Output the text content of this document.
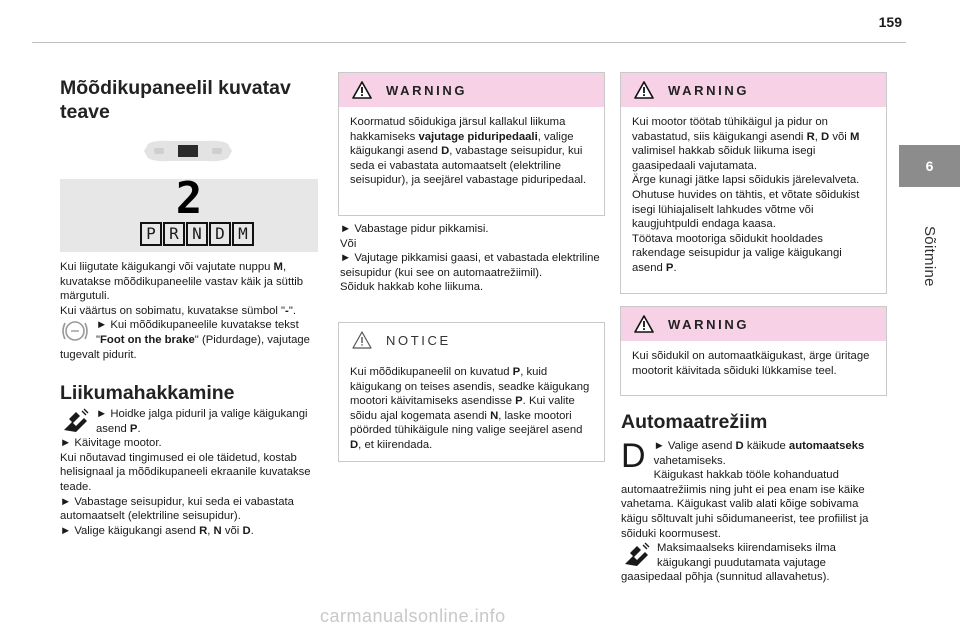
159
6
Sõitmine
Mõõdikupaneelil kuvatav teave
2
P R N D M

Kui liigutate käigukangi või vajutate nuppu M, kuvatakse mõõdikupaneelile vastav käik ja süttib märgutuli.

Kui väärtus on sobimatu, kuvatakse sümbol "-".

► Kui mõõdikupaneelile kuvatakse tekst "Foot on the brake" (Pidurdage), vajutage tugevalt pidurit.

Liikumahakkamine

► Hoidke jalga piduril ja valige käigukangi asend P.

► Käivitage mootor.

Kui nõutavad tingimused ei ole täidetud, kostab helisignaal ja mõõdikupaneeli ekraanile kuvatakse teade.

► Vabastage seisupidur, kui seda ei vabastata automaatselt (elektriline seisupidur).

► Valige käigukangi asend R, N või D.

WARNING
Koormatud sõidukiga järsul kallakul liikuma hakkamiseks vajutage piduripedaali, valige käigukangi asend D, vabastage seisupidur, kui seda ei vabastata automaatselt (elektriline seisupidur), ja seejärel vabastage piduripedaal.

► Vabastage pidur pikkamisi.

Või

► Vajutage pikkamisi gaasi, et vabastada elektriline seisupidur (kui see on automaatrežiimil).

Sõiduk hakkab kohe liikuma.

NOTICE
Kui mõõdikupaneelil on kuvatud P, kuid käigukang on teises asendis, seadke käigukang mootori käivitamiseks asendisse P. Kui valite sõidu ajal kogemata asendi N, laske mootori pöörded tühikäigule ning valige seejärel asend D, et kiirendada.
WARNING

Kui mootor töötab tühikäigul ja pidur on vabastatud, siis käigukangi asendi R, D või M valimisel hakkab sõiduk liikuma isegi gaasipedaali vajutamata.

Ärge kunagi jätke lapsi sõidukis järelevalveta.

Ohutuse huvides on tähtis, et võtate sõidukist isegi lühiajaliselt lahkudes võtme või kaugjuhtpuldi endaga kaasa.

Töötava mootoriga sõidukit hooldades rakendage seisupidur ja valige käigukangi asend P.

WARNING
Kui sõidukil on automaatkäigukast, ärge üritage mootorit käivitada sõiduki lükkamise teel.
Automaatrežiim

D ► Valige asend D käikude automaatseks vahetamiseks.

Käigukast hakkab tööle kohanduatud automaatrežiimis ning juht ei pea enam ise käike vahetama. Käigukast valib alati kõige sobivama käigu sõltuvalt juhi sõidumaneerist, tee profiilist ja sõiduki koormusest.

Maksimaalseks kiirendamiseks ilma käigukangi puudutamata vajutage gaasipedaal põhja (sunnitud allavahetus).

carmanualsonline.info
